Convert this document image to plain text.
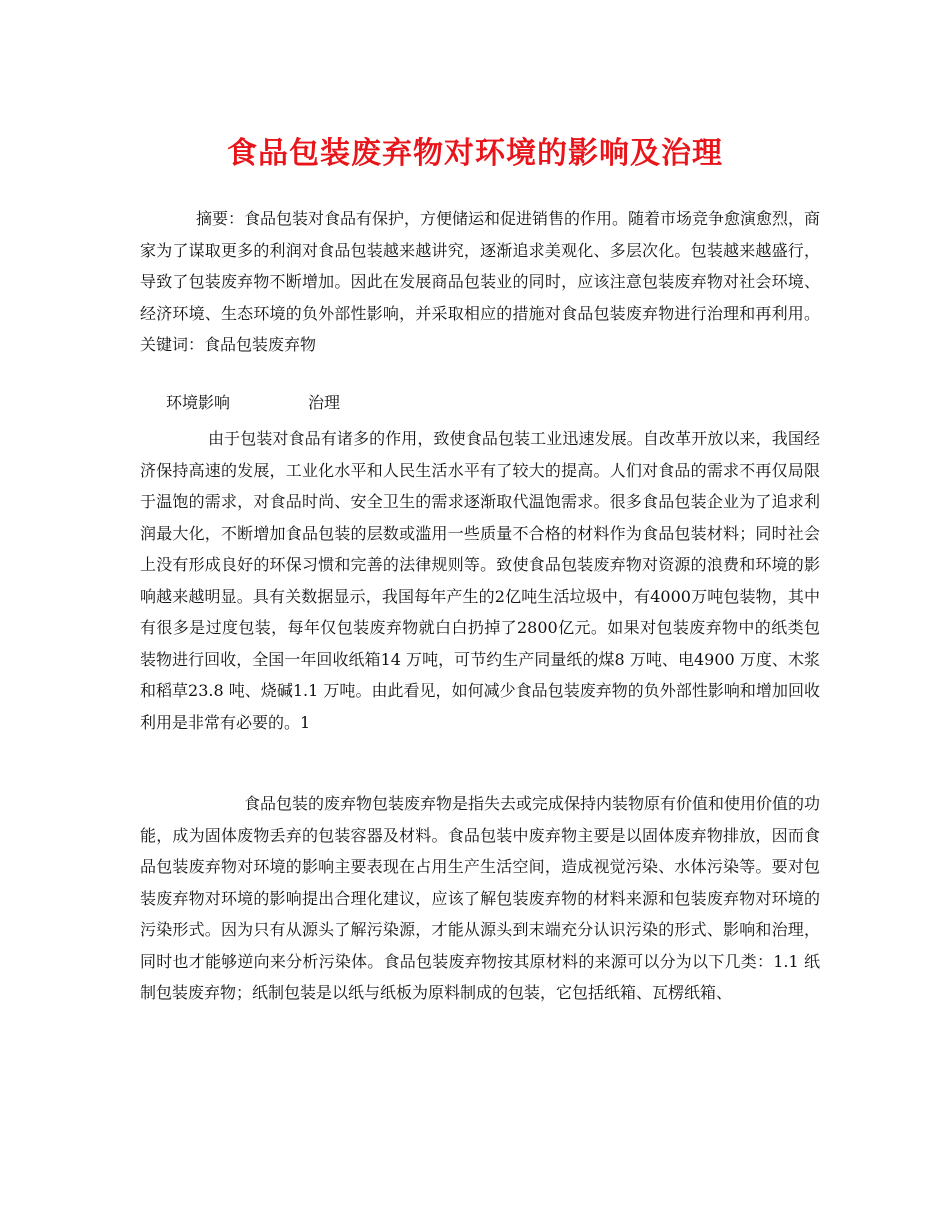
食品包装废弃物对环境的影响及治理

摘要：食品包装对食品有保护，方便储运和促进销售的作用。随着市场竞争愈演愈烈，商家为了谋取更多的利润对食品包装越来越讲究，逐渐追求美观化、多层次化。包装越来越盛行，导致了包装废弃物不断增加。因此在发展商品包装业的同时，应该注意包装废弃物对社会环境、经济环境、生态环境的负外部性影响，并采取相应的措施对食品包装废弃物进行治理和再利用。关键词：食品包装废弃物

环境影响	治理

由于包装对食品有诸多的作用，致使食品包装工业迅速发展。自改革开放以来，我国经济保持高速的发展，工业化水平和人民生活水平有了较大的提高。人们对食品的需求不再仅局限于温饱的需求，对食品时尚、安全卫生的需求逐渐取代温饱需求。很多食品包装企业为了追求利润最大化，不断增加食品包装的层数或滥用一些质量不合格的材料作为食品包装材料；同时社会上没有形成良好的环保习惯和完善的法律规则等。致使食品包装废弃物对资源的浪费和环境的影响越来越明显。具有关数据显示，我国每年产生的2亿吨生活垃圾中，有4000万吨包装物，其中有很多是过度包装，每年仅包装废弃物就白白扔掉了2800亿元。如果对包装废弃物中的纸类包装物进行回收，全国一年回收纸箱14 万吨，可节约生产同量纸的煤8 万吨、电4900 万度、木浆和稻草23.8 吨、烧碱1.1 万吨。由此看见，如何减少食品包装废弃物的负外部性影响和增加回收利用是非常有必要的。1

食品包装的废弃物包装废弃物是指失去或完成保持内装物原有价值和使用价值的功能，成为固体废物丢弃的包装容器及材料。食品包装中废弃物主要是以固体废弃物排放，因而食品包装废弃物对环境的影响主要表现在占用生产生活空间，造成视觉污染、水体污染等。要对包装废弃物对环境的影响提出合理化建议，应该了解包装废弃物的材料来源和包装废弃物对环境的污染形式。因为只有从源头了解污染源，才能从源头到末端充分认识污染的形式、影响和治理，同时也才能够逆向来分析污染体。食品包装废弃物按其原材料的来源可以分为以下几类：1.1 纸制包装废弃物；纸制包装是以纸与纸板为原料制成的包装，它包括纸箱、瓦楞纸箱、
